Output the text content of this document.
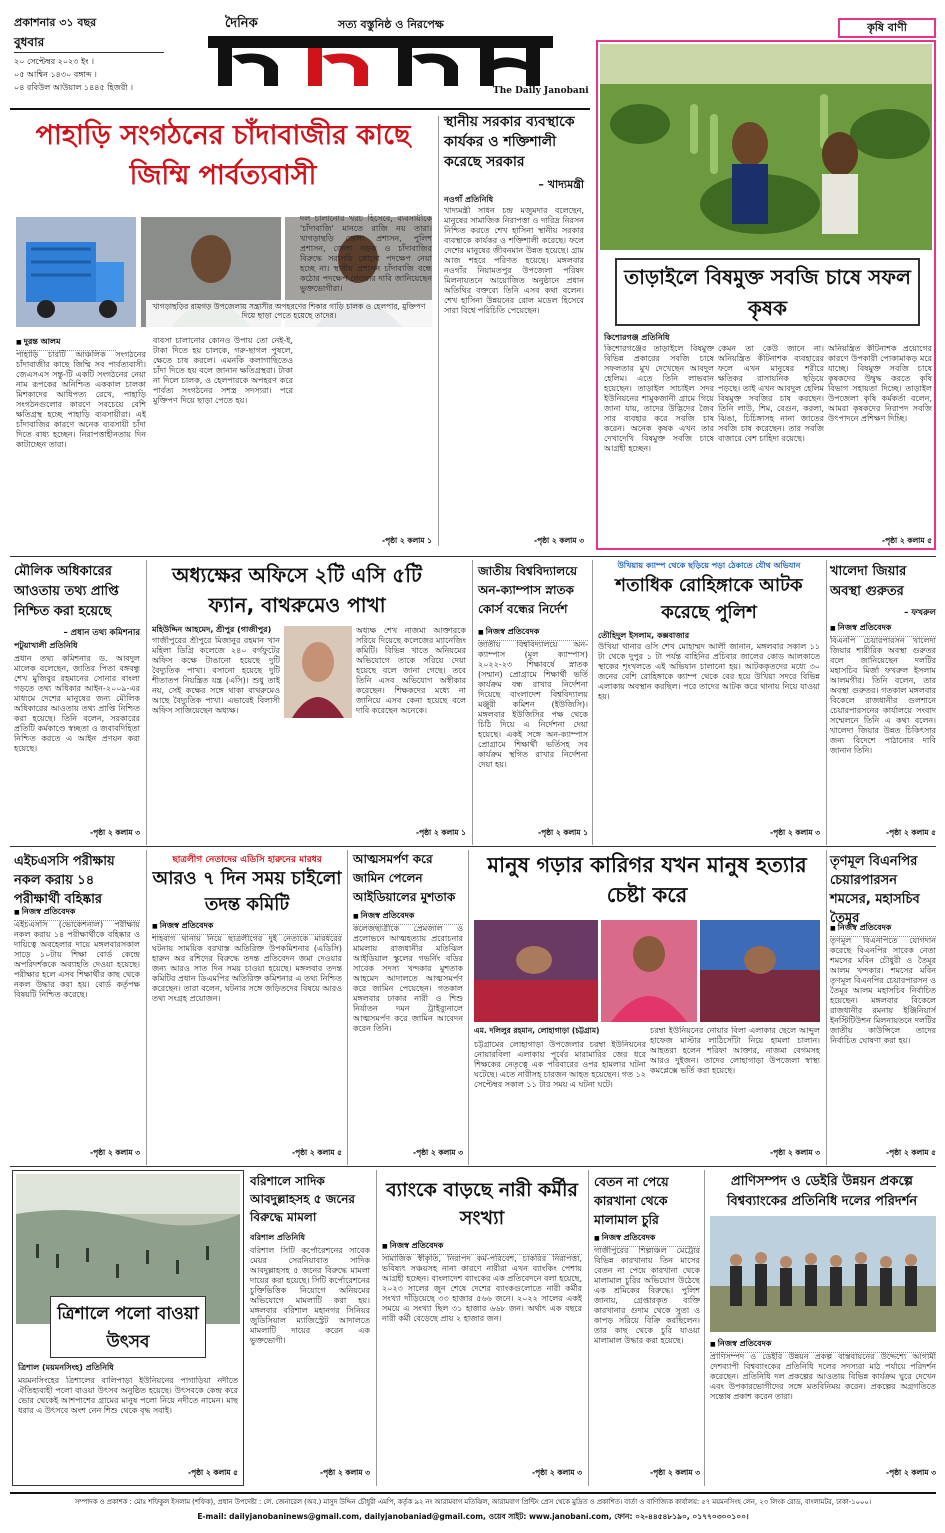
প্রকাশনার ৩১ বছর
বুধবার
২০ সেপ্টেম্বর ২০২৩ ইং ।
০৫ আশ্বিন ১৪৩০ বঙ্গাব্দ ।
০৪ রবিউল আউয়াল ১৪৪৫ হিজরী ।
দৈনিক	সত্য বস্তুনিষ্ঠ ও নিরপেক্ষ
The Daily Janobani
কৃষি বাণী
পাহাড়ি সংগঠনের চাঁদাবাজীর কাছে জিম্মি পার্বত্যবাসী
খাগড়াছড়ির রামগড় উপজেলায় সন্ত্রাসীর অপহরণের শিকার গাড়ি চালক ও হেলপার, মুক্তিপণ দিয়ে ছাড়া পেতে হয়েছে তাদের।
■ দুরন্ত আলম
পাহাড়ি চারটি আঞ্চলিক সংগঠনের চাঁদাবাজীর কাছে জিম্মি সব পার্বত্যবাসী। জেএসএস সন্তু-টি একটি সংগঠনের নেয়া নাম রূপকের অনিশ্চিত এককাল চালকা মিশকাদের আধিপত্য রেখে, পাহাড়ি সংগঠনগুলোর কারণে সবচেয়ে বেশি ক্ষতিগ্রস্থ হচ্ছে পাহাড়ি ব্যবসায়ীরা। এই চাঁদাবাজির কারণে অনেক ব্যবসায়ী চাঁদা দিতে বাধ্য হচ্ছেন। নিরাপত্তাহীনতায় দিন কাটাচ্ছেন তারা।
ব্যবসা চালানোর কোনও উপায় তো নেই-ই, টাকা দিতে হয় চালকে, গরু-ছাগল পুষলে, ক্ষেতে চাষ করলে। এমনকি কলাগাছিতেও চাঁদা দিতে হয় বলে জানান ক্ষতিগ্রস্থরা। টাকা না দিলে চালক, ও হেলপারকে অপহরণ করে পার্বত্য সংগঠনের সশস্ত্র সদস্যরা। পরে মুক্তিপণ দিয়ে ছাড়া পেতে হয়।
দল চালানোর খরচ হিসেবে, ব্যবসায়ীকে 'চাঁদাবাজি' মানতে রাজি নয় তারা। খাগড়াছড়ি জেলা প্রশাসন, পুলিশ প্রশাসন, জেলা সড়ক ও চাঁদাবাজির বিরুদ্ধে সরাসরি কোনো পদক্ষেপ নেয়া হচ্ছে না। স্থানীয় প্রশাসন চাঁদাবাজি বন্ধে কঠোর পদক্ষেপ নেওয়ার দাবি জানিয়েছেন ভুক্তভোগীরা।
-পৃষ্ঠা ২ কলাম ১
স্থানীয় সরকার ব্যবস্থাকে কার্যকর ও শক্তিশালী করেছে সরকার
– খাদ্যমন্ত্রী
নওগাঁ প্রতিনিধি
খাদ্যমন্ত্রী সাধন চন্দ্র মজুমদার বলেছেন, মানুষের সামাজিক নিরাপত্তা ও দারিদ্র নিরসন নিশ্চিত করতে শেখ হাসিনা স্থানীয় সরকার ব্যবস্থাকে কার্যকর ও শক্তিশালী করেছে। ফলে দেশের মানুষের জীবনমান উন্নত হয়েছে। গ্রাম আজ শহরে পরিণত হয়েছে। মঙ্গলবার নওগাঁর নিয়ামতপুর উপজেলা পরিষদ মিলনায়তনে আয়োজিত অনুষ্ঠানে প্রধান অতিথির বক্তব্যে তিনি এসব কথা বলেন। শেখ হাসিনা উন্নয়নের রোল মডেল হিসেবে সারা বিশ্বে পরিচিতি পেয়েছেন।
-পৃষ্ঠা ২ কলাম ৩
তাড়াইলে বিষমুক্ত সবজি চাষে সফল কৃষক
কিশোরগঞ্জ প্রতিনিধি
কিশোরগঞ্জের তাড়াইলে বিষমুক্ত বিভিন্ন প্রকারের সবজি চাষে সফলতার মুখ দেখেছেন আবদুল হেলিম। এতে তিনি লাভবান হয়েছেন। তাড়াইল সাচাইল সদর ইউনিয়নের শামুকজানী গ্রামে গিয়ে জানা যায়, তাদের উদ্ভিদের জৈব সার ব্যবহার করে সবজি চাষ করেন। অনেক কৃষক এখন তার দেখাদেখি বিষমুক্ত সবজি চাষে আগ্রহী হচ্ছেন।
কেমন তা কেউ জানে না। অনিয়ন্ত্রিত কীটনাশক ব্যবহারের ফলে এখন মানুষের শরীরে ক্ষতিকর রাসায়নিক ছড়িয়ে পড়ছে। তাই এখন আবদুল হেলিম বিষমুক্ত সবজির চাষ করছেন। তিনি লাউ, শিম, বেগুন, করলা, ঝিঙা, চিচিঙ্গাসহ নানা জাতের সবজি চাষ করেছেন। তার সবজি বাজারে বেশ চাহিদা রয়েছে।
অনিয়ন্ত্রিত কীটনাশক প্রয়োগের কারণে উপকারী পোকামাকড় মরে যাচ্ছে। বিষমুক্ত সবজি চাষে কৃষকদের উদ্বুদ্ধ করতে কৃষি বিভাগ সহায়তা দিচ্ছে। তাড়াইল উপজেলা কৃষি কর্মকর্তা বলেন, আমরা কৃষকদের নিরাপদ সবজি উৎপাদনে প্রশিক্ষণ দিচ্ছি।
-পৃষ্ঠা ২ কলাম ৫
মৌলিক অধিকারের আওতায় তথ্য প্রাপ্তি নিশ্চিত করা হয়েছে
– প্রধান তথ্য কমিশনার
পটুয়াখালী প্রতিনিধি
প্রধান তথ্য কমিশনার ড. আবদুল মালেক বলেছেন, জাতির পিতা বঙ্গবন্ধু শেখ মুজিবুর রহমানের সোনার বাংলা গড়তে তথ্য অধিকার আইন-২০০৯-এর মাধ্যমে দেশের মানুষের জন্য মৌলিক অধিকারের আওতায় তথ্য প্রাপ্তি নিশ্চিত করা হয়েছে। তিনি বলেন, সরকারের প্রতিটি কর্মকাণ্ডে স্বচ্ছতা ও জবাবদিহিতা নিশ্চিত করতে এ আইন প্রণয়ন করা হয়েছে।
-পৃষ্ঠা ২ কলাম ৩
অধ্যক্ষের অফিসে ২টি এসি ৫টি ফ্যান, বাথরুমেও পাখা
মহিউদ্দিন আহমেদ, শ্রীপুর (গাজীপুর)
গাজীপুরের শ্রীপুরে মিজানুর রহমান খান মহিলা ডিগ্রি কলেজে ২৪০ বর্গফুটের অফিস কক্ষে টাঙানো হয়েছে দুটি বৈদ্যুতিক পাখা। বসানো হয়েছে দুটি শীতাতপ নিয়ন্ত্রিত যন্ত্র (এসি)। শুধু তাই নয়, সেই কক্ষের সঙ্গে থাকা বাথরুমেও আছে বৈদ্যুতিক পাখা। এভাবেই বিলাসী অফিস সাজিয়েছেন অধ্যক্ষ।
অধ্যক্ষ শেখ নাজমা আক্তারকে সরিয়ে দিয়েছে কলেজের ম্যানেজিং কমিটি। বিভিন্ন খাতে অনিয়মের অভিযোগে তাকে সরিয়ে দেয়া হয়েছে বলে জানা গেছে। তবে তিনি এসব অভিযোগ অস্বীকার করেছেন। শিক্ষকদের মধ্যে না জানিয়ে এসব কেনা হয়েছে বলে দাবি করেছেন অনেকে।
-পৃষ্ঠা ২ কলাম ১
জাতীয় বিশ্ববিদ্যালয়ে অন-ক্যাম্পাস স্নাতক কোর্স বন্ধের নির্দেশ
■ নিজস্ব প্রতিবেদক
জাতীয় বিশ্ববিদ্যালয়ে অন-ক্যাম্পাস (মূল ক্যাম্পাস) ২০২২-২৩ শিক্ষাবর্ষে স্নাতক (সম্মান) প্রোগ্রামে শিক্ষার্থী ভর্তি কার্যক্রম বন্ধ রাখার নির্দেশনা দিয়েছে বাংলাদেশ বিশ্ববিদ্যালয় মঞ্জুরী কমিশন (ইউজিসি)। মঙ্গলবার ইউজিসির পক্ষ থেকে চিঠি দিয়ে এ নির্দেশনা দেয়া হয়েছে। একই সঙ্গে অন-ক্যাম্পাস প্রোগ্রামে শিক্ষার্থী ভর্তিসহ সব কার্যক্রম স্থগিত রাখার নির্দেশনা দেয়া হয়।
-পৃষ্ঠা ২ কলাম ১
উখিয়ায় ক্যাম্প থেকে ছড়িয়ে পড়া ঠেকাতে যৌথ অভিযান
শতাধিক রোহিঙ্গাকে আটক করেছে পুলিশ
তৌহিদুল ইসলাম, কক্সবাজার
উখিয়া থানার ওসি শেখ মোহাম্মদ আলী জানান, মঙ্গলবার সকাল ১১ টা থেকে দুপুর ১ টা পর্যন্ত বাহিনির প্রচিবার জালের কোড আলকাতে স্থাকের শৃংখলতে এই অভিযান চালানো হয়। আটককৃতদের মধ্যে ৩০ জনের বেশি রোহিঙ্গাকে ক্যাম্প থেকে বের হয়ে উখিয়া সদরে বিভিন্ন এলাকায় অবস্থান করছিল। পরে তাদের আটক করে থানায় নিয়ে যাওয়া হয়।
-পৃষ্ঠা ২ কলাম ৩
খালেদা জিয়ার অবস্থা গুরুতর
– ফখরুল
■ নিজস্ব প্রতিবেদক
বিএনপি চেয়ারপারসন খালেদা জিয়ার শারীরিক অবস্থা গুরুতর বলে জানিয়েছেন দলটির মহাসচিব মির্জা ফখরুল ইসলাম আলমগীর। তিনি বলেন, তার অবস্থা গুরুতর। গতকাল মঙ্গলবার বিকেলে রাজধানীর গুলশানে চেয়ারপারসনের কার্যালয়ে সংবাদ সম্মেলনে তিনি এ কথা বলেন। খালেদা জিয়ার উন্নত চিকিৎসার জন্য বিদেশে পাঠানোর দাবি জানান তিনি।
-পৃষ্ঠা ২ কলাম ৫
এইচএসসি পরীক্ষায় নকল করায় ১৪ পরীক্ষার্থী বহিষ্কার
■ নিজস্ব প্রতিবেদক
এইচএসসি (ভোকেশনাল) পরীক্ষায় নকল করায় ১৪ পরীক্ষার্থীকে বহিষ্কার ও দায়িত্বে অবহেলার দায়ে মঙ্গলবারসকাল সাড়ে ১০টায় শিক্ষা বোর্ড কেন্দ্রে অপরিদর্শককে অব্যাহতি দেওয়া হয়েছে। পরীক্ষার হলে এসব শিক্ষার্থীর কাছ থেকে নকল উদ্ধার করা হয়। বোর্ড কর্তৃপক্ষ বিষয়টি নিশ্চিত করেছে।
-পৃষ্ঠা ২ কলাম ৩
ছাত্রলীগ নেতাদের এডিসি হারুনের মারধর
আরও ৭ দিন সময় চাইলো তদন্ত কমিটি
■ নিজস্ব প্রতিবেদক
শাহবাগ থানায় নিয়ে ছাত্রলীগের দুই নেতাকে মারধরের ঘটনায় সাময়িক বরখাস্ত অতিরিক্ত উপকমিশনার (এডিসি) হারুন অর রশিদের বিরুদ্ধে তদন্ত প্রতিবেদন জমা দেওয়ার জন্য আরও সাত দিন সময় চাওয়া হয়েছে। মঙ্গলবার তদন্ত কমিটির প্রধান ডিএমপির অতিরিক্ত কমিশনার এ তথ্য নিশ্চিত করেছেন। তারা বলেন, ঘটনার সঙ্গে জড়িতদের বিষয়ে আরও তথ্য সংগ্রহ প্রয়োজন।
-পৃষ্ঠা ২ কলাম ৫
আত্মসমর্পণ করে জামিন পেলেন আইডিয়ালের মুশতাক
■ নিজস্ব প্রতিবেদক
কলেজছাত্রীকে প্রেমজাল ও প্রলোভনে আত্মহত্যায় প্ররোচনার মামলায় রাজধানীর মতিঝিল আইডিয়াল স্কুলের গভর্নিং বডির সাবেক সদস্য খন্দকার মুশতাক আহমেদ আদালতে আত্মসমর্পণ করে জামিন পেয়েছেন। গতকাল মঙ্গলবার ঢাকার নারী ও শিশু নির্যাতন দমন ট্রাইব্যুনালে আত্মসমর্পণ করে জামিন আবেদন করেন তিনি।
-পৃষ্ঠা ২ কলাম ৩
মানুষ গড়ার কারিগর যখন মানুষ হত্যার চেষ্টা করে
এম. দলিলুর রহমান, লোহাগাড়া (চট্টগ্রাম)
চট্টগ্রামের লোহাগাড়া উপজেলার চরম্বা ইউনিয়নের নোয়ারবিলা এলাকায় পূর্বের মারামারির জের ধরে শিক্ষকের নেতৃত্বে এক পরিবারের ওপর হামলার ঘটনা ঘটেছে। এতে নারীসহ চারজন আহত হয়েছেন। গত ১২ সেপ্টেম্বর সকাল ১১ টার সময় এ ঘটনা ঘটে।
চরম্বা ইউনিয়নের নোয়ার বিলা এলাকার ছেলে আব্দুল হাফেজ মাস্টার লাঠিসোঁটা নিয়ে হামলা চালান। আহতরা হলেন শরিফা আক্তার, নাজমা বেগমসহ আরও দুইজন। তাদের লোহাগাড়া উপজেলা স্বাস্থ্য কমপ্লেক্সে ভর্তি করা হয়েছে।
-পৃষ্ঠা ২ কলাম ৩
তৃণমূল বিএনপির চেয়ারপারসন শমসের, মহাসচিব তৈমূর
■ নিজস্ব প্রতিবেদক
তৃণমূল বিএনপিতে যোগদান করেছে বিএনপির সাবেক নেতা শমসের মবিন চৌধুরী ও তৈমূর আলম খন্দকার। শমসের মবিন তৃণমূল বিএনপির চেয়ারপারসন ও তৈমূর আলম মহাসচিব নির্বাচিত হয়েছেন। মঙ্গলবার বিকেলে রাজধানীর রমনায় ইঞ্জিনিয়ার্স ইনস্টিটিউশন মিলনায়তনে দলটির জাতীয় কাউন্সিলে তাদের নির্বাচিত ঘোষণা করা হয়।
-পৃষ্ঠা ২ কলাম ৫
ত্রিশালে পলো বাওয়া উৎসব
ত্রিশাল (ময়মনসিংহ) প্রতিনিধি
ময়মনসিংহের ত্রিশালের বালিপাড়া ইউনিয়নের পাগাড়িয়া নদীতে ঐতিহ্যবাহী পলো বাওয়া উৎসব অনুষ্ঠিত হয়েছে। উৎসবকে কেন্দ্র করে ভোর থেকেই আশপাশের গ্রামের মানুষ পলো নিয়ে নদীতে নামেন। মাছ ধরার এ উৎসবে অংশ নেন শিশু থেকে বৃদ্ধ সবাই।
-পৃষ্ঠা ২ কলাম ৫
বরিশালে সাদিক আবদুল্লাহসহ ৫ জনের বিরুদ্ধে মামলা
বরিশাল প্রতিনিধি
বরিশাল সিটি কর্পোরেশনের সাবেক মেয়র সেরনিয়াবাত সাদিক আবদুল্লাহসহ ৫ জনের বিরুদ্ধে মামলা দায়ের করা হয়েছে। সিটি কর্পোরেশনের চুক্তিভিত্তিক নিয়োগে অনিয়মের অভিযোগে মামলাটি করা হয়। মঙ্গলবার বরিশাল মহানগর সিনিয়র জুডিসিয়াল ম্যাজিস্ট্রেট আদালতে মামলাটি দায়ের করেন এক ভুক্তভোগী।
-পৃষ্ঠা ২ কলাম ৩
ব্যাংকে বাড়ছে নারী কর্মীর সংখ্যা
■ নিজস্ব প্রতিবেদক
সামাজিক স্বীকৃতি, নিরাপদ কর্ম-পরিবেশ, চাকরির নিরাপত্তা, ভবিষ্যৎ সঞ্চয়সহ নানা কারণে নারীরা এখন ব্যাংকিং পেশায় আগ্রহী হচ্ছেন। বাংলাদেশ ব্যাংকের এক প্রতিবেদনে বলা হয়েছে, ২০২৩ সালের জুন শেষে দেশের ব্যাংকগুলোতে নারী কর্মীর সংখ্যা দাঁড়িয়েছে ৩৩ হাজার ৫৬৬ জনে। ২০২২ সালের একই সময়ে এ সংখ্যা ছিল ৩১ হাজার ৬৬৮ জন। অর্থাৎ এক বছরে নারী কর্মী বেড়েছে প্রায় ২ হাজার জন।
-পৃষ্ঠা ২ কলাম ৩
বেতন না পেয়ে কারখানা থেকে মালামাল চুরি
■ নিজস্ব প্রতিবেদক
গাজীপুরের শিল্পাঞ্চল মেট্রোর বিভিন্ন কারখানায় তিন মাসের বেতন না পেয়ে কারখানা থেকে মালামাল চুরির অভিযোগ উঠেছে এক শ্রমিকের বিরুদ্ধে। পুলিশ জানায়, গ্রেপ্তারকৃত ব্যক্তি কারখানার গুদাম থেকে সুতা ও কাপড় সরিয়ে বিক্রি করছিলেন। তার কাছ থেকে চুরি যাওয়া মালামাল উদ্ধার করা হয়েছে।
-পৃষ্ঠা ২ কলাম ৩
প্রাণিসম্পদ ও ডেইরি উন্নয়ন প্রকল্পে বিশ্বব্যাংকের প্রতিনিধি দলের পরিদর্শন
■ নিজস্ব প্রতিবেদক
প্রাণিসম্পদ ও ডেইরি উন্নয়ন প্রকল্প বাস্তবায়নের উদ্দেশ্যে আগামী দেশব্যাপী বিশ্বব্যাংকের প্রতিনিধি দলের সদস্যরা মাঠ পর্যায়ে পরিদর্শন করেছেন। প্রতিনিধি দল প্রকল্পের আওতায় বিভিন্ন কার্যক্রম ঘুরে দেখেন এবং উপকারভোগীদের সঙ্গে মতবিনিময় করেন। প্রকল্পের অগ্রগতিতে সন্তোষ প্রকাশ করেন তারা।
-পৃষ্ঠা ২ কলাম ৩
সম্পাদক ও প্রকাশক : মোঃ শফিকুল ইসলাম (শফিক), প্রধান উপদেষ্টা : লে. জেনারেল (অব.) মাসুদ উদ্দিন চৌধুরী এমপি, কর্তৃক ৯২ নং আরামবাগ মতিঝিল, আরামবাগ প্রিন্টিং প্রেস থেকে মুদ্রিত ও প্রকাশিত। বার্তা ও বাণিজ্যিক কার্যালয়: ৫৭ ময়মনসিংহ লেন, ২৩ লিংক রোড, বাংলামটর, ঢাকা-১০০০।
E-mail: dailyjanobaninews@gmail.com, dailyjanobaniad@gmail.com, ওয়েব সাইট: www.janobani.com, ফোন: ০২-৪৪৫৪৮১৯০, ০১৭৭০৩০০১০০।
